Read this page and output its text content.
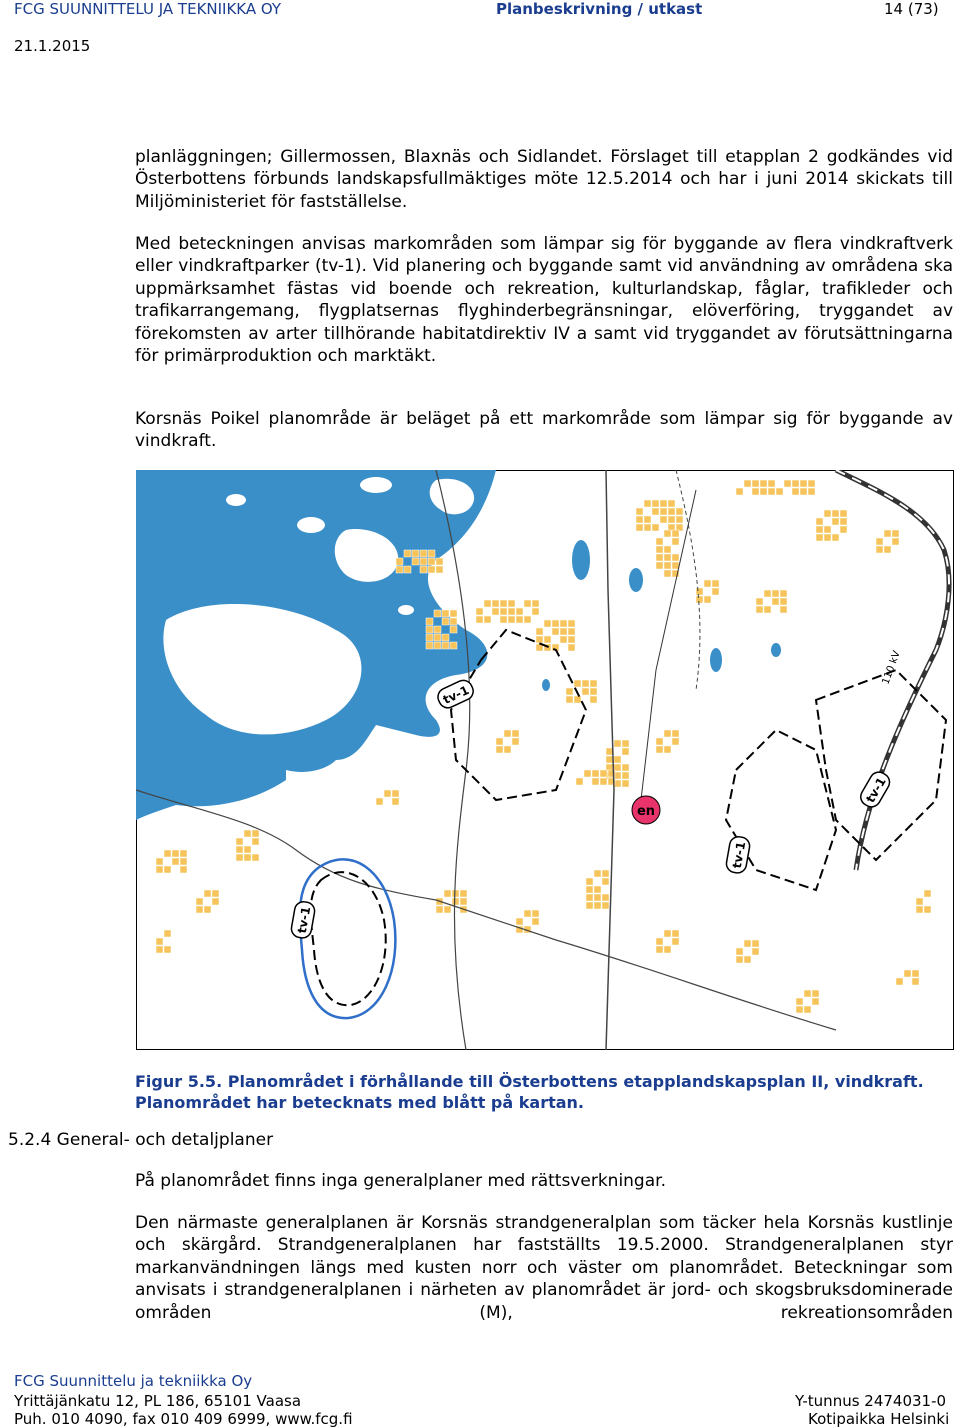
FCG SUUNNITTELU JA TEKNIIKKA OY	Planbeskrivning / utkast	14 (73)
21.1.2015
planläggningen; Gillermossen, Blaxnäs och Sidlandet. Förslaget till etapplan 2 godkändes vid Österbottens förbunds landskapsfullmäktiges möte 12.5.2014 och har i juni 2014 skickats till Miljöministeriet för fastställelse.
Med beteckningen anvisas markområden som lämpar sig för byggande av flera vindkraftverk eller vindkraftparker (tv-1). Vid planering och byggande samt vid användning av områdena ska uppmärksamhet fästas vid boende och rekreation, kulturlandskap, fåglar, trafikleder och trafikarrangemang, flygplatsernas flyghinderbegränsningar, elöverföring, tryggandet av förekomsten av arter tillhörande habitatdirektiv IV a samt vid tryggandet av förutsättningarna för primärproduktion och marktäkt.
Korsnäs Poikel planområde är beläget på ett markområde som lämpar sig för byggande av vindkraft.
tv-1
tv-1
tv-1
tv-1
110 kV
en
Figur 5.5. Planområdet i förhållande till Österbottens etapplandskapsplan II, vindkraft. Planområdet har betecknats med blått på kartan.
5.2.4 General- och detaljplaner
På planområdet finns inga generalplaner med rättsverkningar.
Den närmaste generalplanen är Korsnäs strandgeneralplan som täcker hela Korsnäs kustlinje och skärgård. Strandgeneralplanen har fastställts 19.5.2000. Strandgeneralplanen styr markanvändningen längs med kusten norr och väster om planområdet. Beteckningar som anvisats i strandgeneralplanen i närheten av planområdet är jord- och skogsbruksdominerade områden (M), rekreationsområden
FCG Suunnittelu ja tekniikka Oy
Yrittäjänkatu 12, PL 186, 65101 Vaasa
Puh. 010 4090, fax 010 409 6999, www.fcg.fi
Y-tunnus 2474031-0
Kotipaikka Helsinki
